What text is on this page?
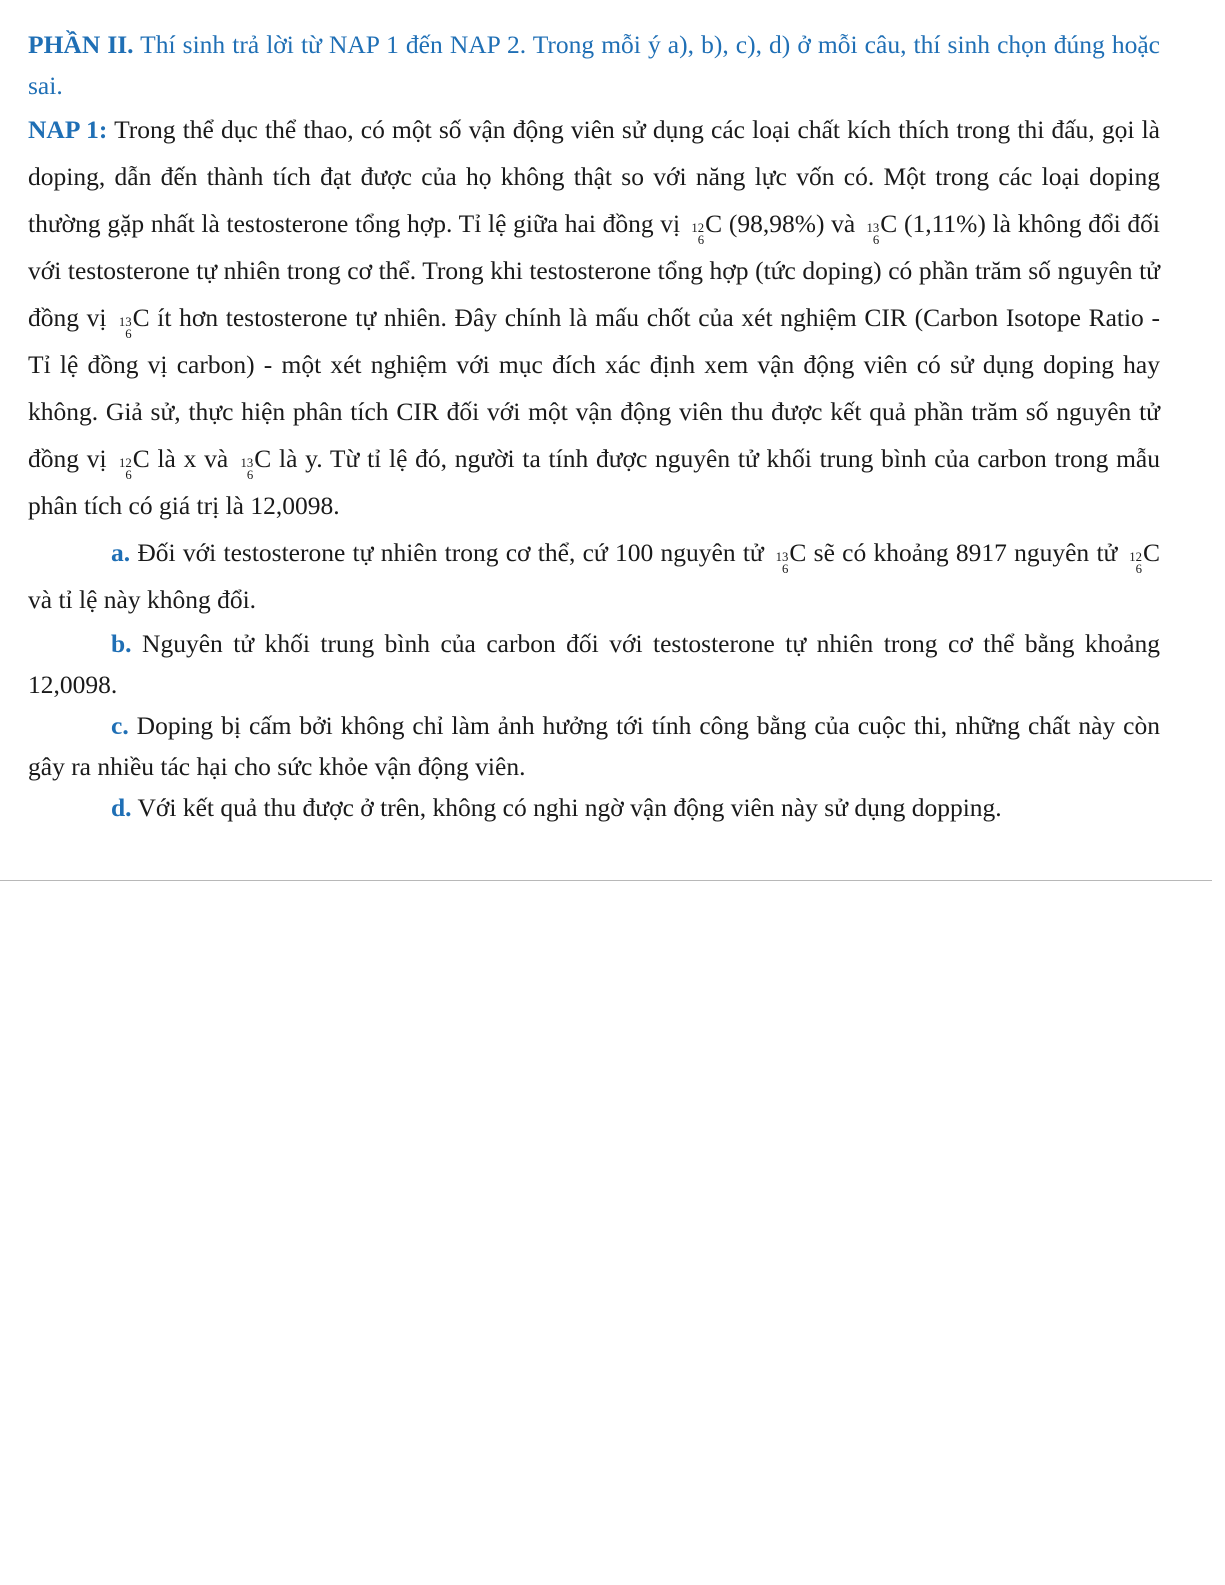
PHẦN II. Thí sinh trả lời từ NAP 1 đến NAP 2. Trong mỗi ý a), b), c), d) ở mỗi câu, thí sinh chọn đúng hoặc sai.

NAP 1: Trong thể dục thể thao, có một số vận động viên sử dụng các loại chất kích thích trong thi đấu, gọi là doping, dẫn đến thành tích đạt được của họ không thật so với năng lực vốn có. Một trong các loại doping thường gặp nhất là testosterone tổng hợp. Tỉ lệ giữa hai đồng vị 12
6
C (98,98%) và 13
6
C (1,11%) là không đổi đối với testosterone tự nhiên trong cơ thể. Trong khi testosterone tổng hợp (tức doping) có phần trăm số nguyên tử đồng vị 13
6
C ít hơn testosterone tự nhiên. Đây chính là mấu chốt của xét nghiệm CIR (Carbon Isotope Ratio - Tỉ lệ đồng vị carbon) - một xét nghiệm với mục đích xác định xem vận động viên có sử dụng doping hay không. Giả sử, thực hiện phân tích CIR đối với một vận động viên thu được kết quả phần trăm số nguyên tử đồng vị 12
6
C là x và 13
6
C là y. Từ tỉ lệ đó, người ta tính được nguyên tử khối trung bình của carbon trong mẫu phân tích có giá trị là 12,0098.

a. Đối với testosterone tự nhiên trong cơ thể, cứ 100 nguyên tử 13
6
C sẽ có khoảng 8917 nguyên tử 12
6
C và tỉ lệ này không đổi.

b. Nguyên tử khối trung bình của carbon đối với testosterone tự nhiên trong cơ thể bằng khoảng 12,0098.

c. Doping bị cấm bởi không chỉ làm ảnh hưởng tới tính công bằng của cuộc thi, những chất này còn gây ra nhiều tác hại cho sức khỏe vận động viên.

d. Với kết quả thu được ở trên, không có nghi ngờ vận động viên này sử dụng dopping.
